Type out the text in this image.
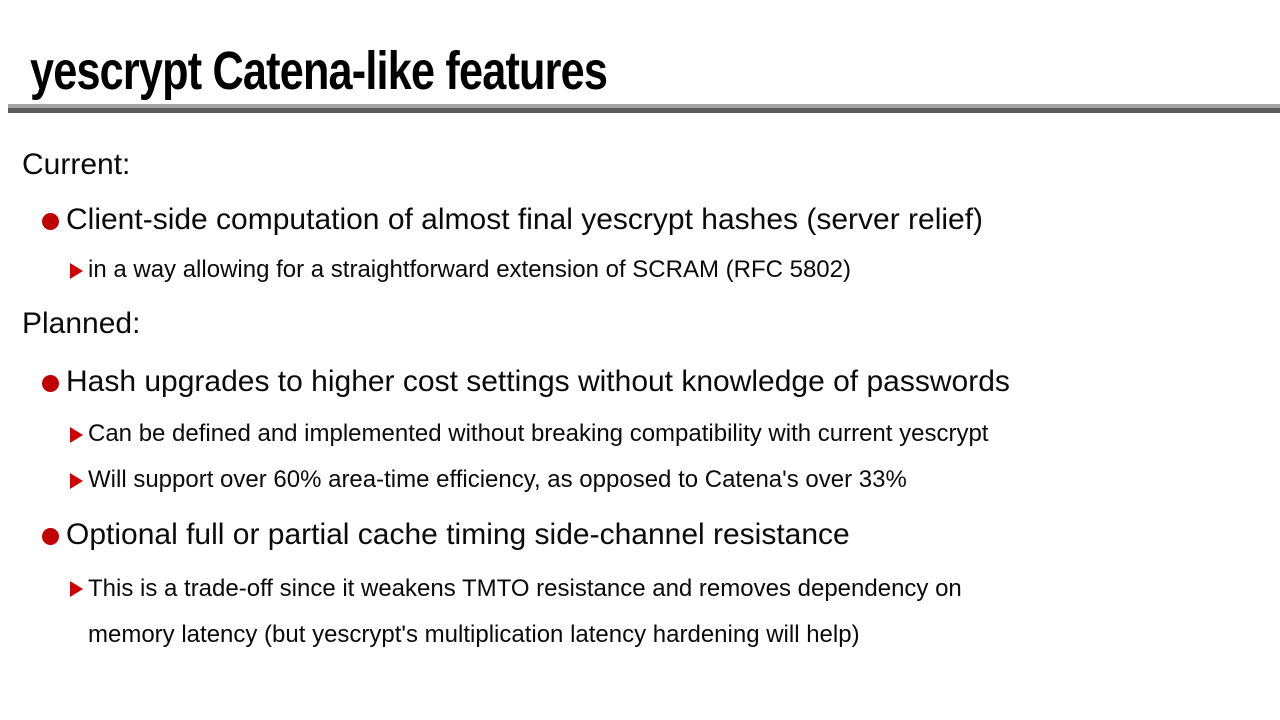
yescrypt Catena-like features
Current:
Client-side computation of almost final yescrypt hashes (server relief)
in a way allowing for a straightforward extension of SCRAM (RFC 5802)
Planned:
Hash upgrades to higher cost settings without knowledge of passwords
Can be defined and implemented without breaking compatibility with current yescrypt
Will support over 60% area-time efficiency, as opposed to Catena's over 33%
Optional full or partial cache timing side-channel resistance
This is a trade-off since it weakens TMTO resistance and removes dependency on
memory latency (but yescrypt's multiplication latency hardening will help)
